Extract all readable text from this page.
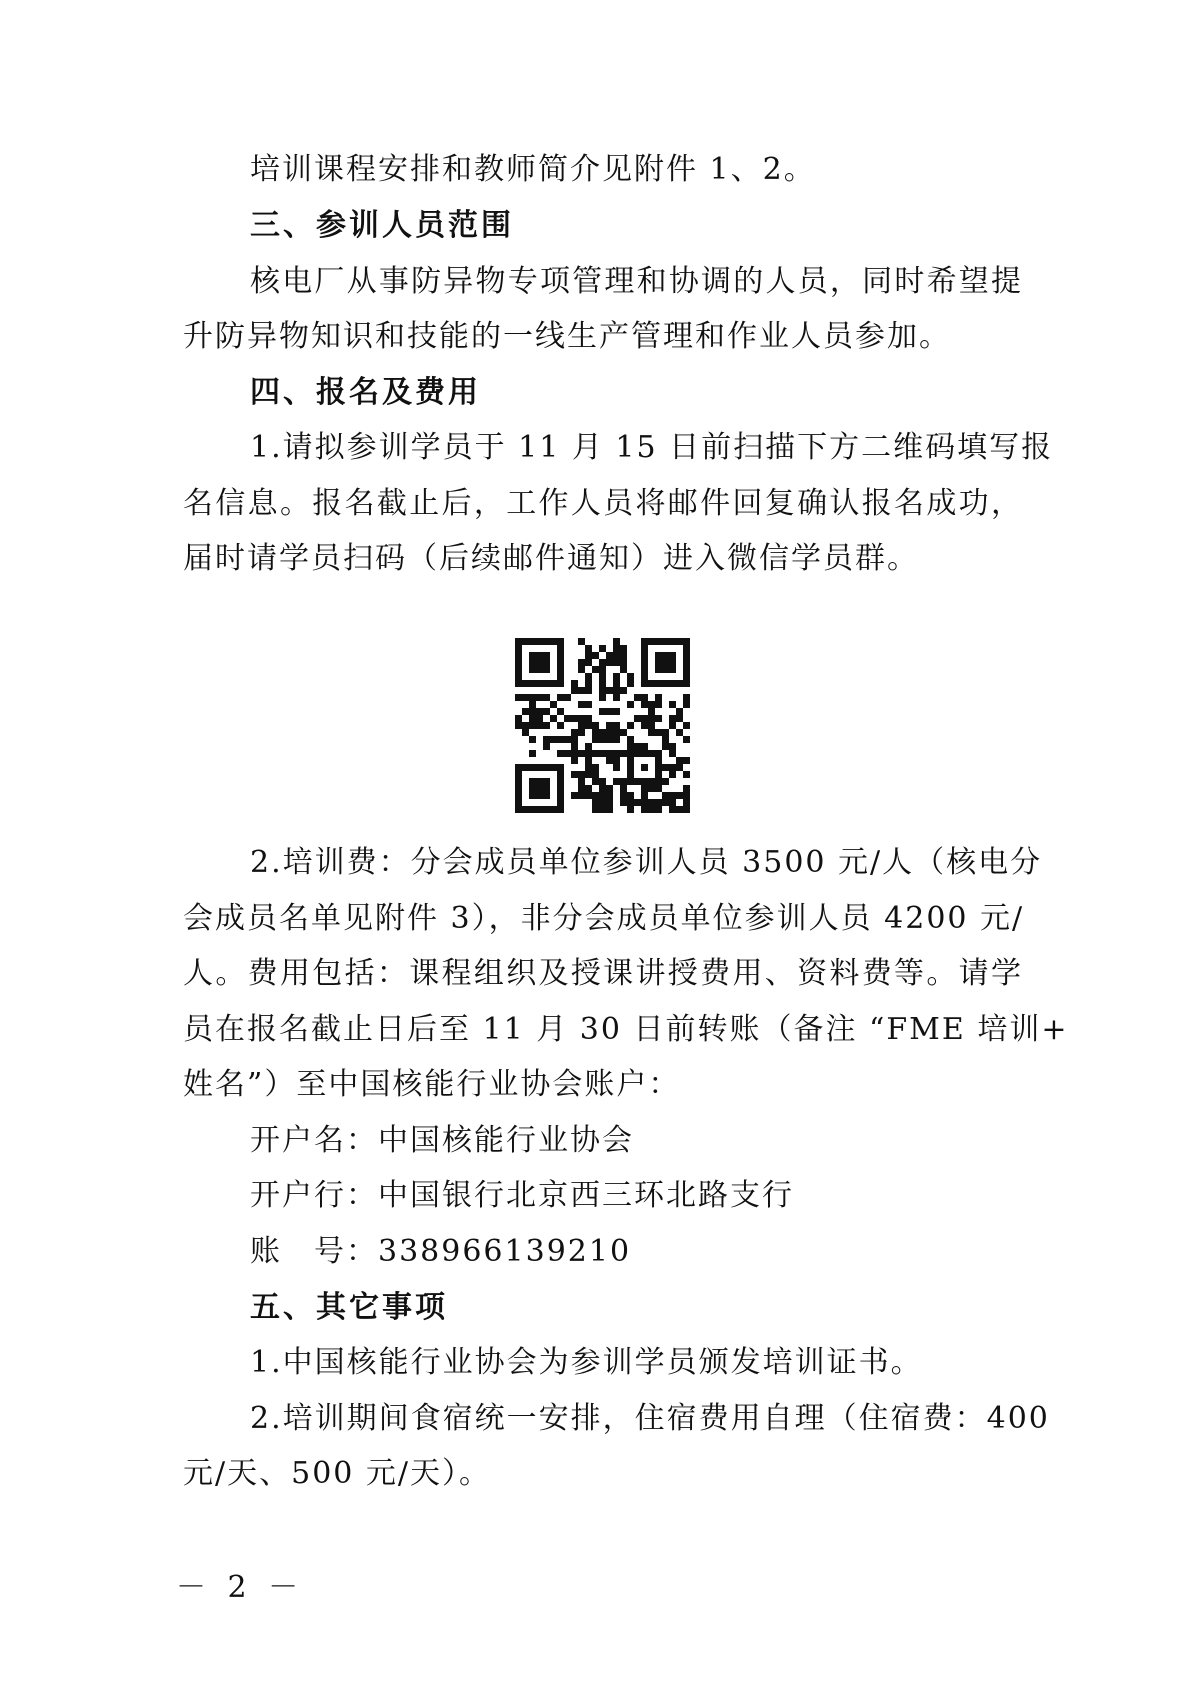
培训课程安排和教师简介见附件 1、2。
三、参训人员范围
核电厂从事防异物专项管理和协调的人员，同时希望提
升防异物知识和技能的一线生产管理和作业人员参加。
四、报名及费用
1.请拟参训学员于 11 月 15 日前扫描下方二维码填写报
名信息。报名截止后，工作人员将邮件回复确认报名成功，
届时请学员扫码（后续邮件通知）进入微信学员群。
2.培训费：分会成员单位参训人员 3500 元/人（核电分
会成员名单见附件 3），非分会成员单位参训人员 4200 元/
人。费用包括：课程组织及授课讲授费用、资料费等。请学
员在报名截止日后至 11 月 30 日前转账（备注 “FME 培训+
姓名”）至中国核能行业协会账户：
开户名：中国核能行业协会
开户行：中国银行北京西三环北路支行
账　号：338966139210
五、其它事项
1.中国核能行业协会为参训学员颁发培训证书。
2.培训期间食宿统一安排，住宿费用自理（住宿费：400
元/天、500 元/天）。
－ 2 －
